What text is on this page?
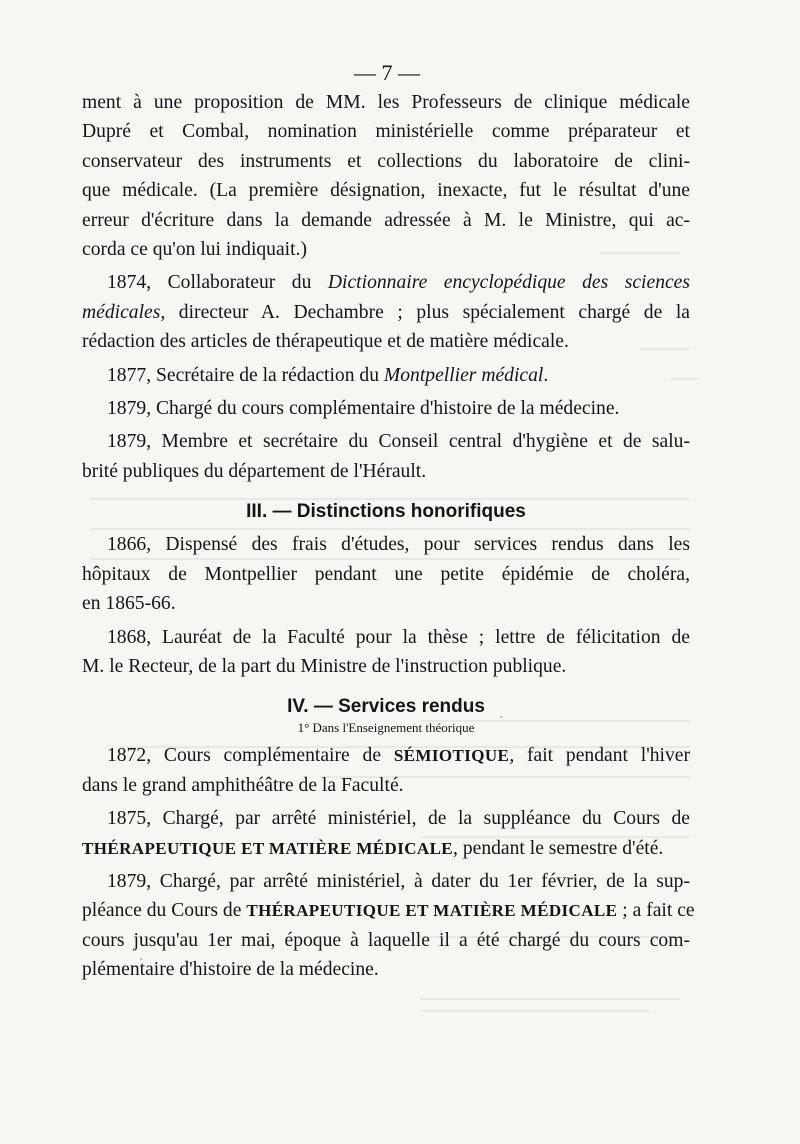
— 7 —

ment à une proposition de MM. les Professeurs de clinique médicale
Dupré et Combal, nomination ministérielle comme préparateur et
conservateur des instruments et collections du laboratoire de clini-
que médicale. (La première désignation, inexacte, fut le résultat d'une
erreur d'écriture dans la demande adressée à M. le Ministre, qui ac-
corda ce qu'on lui indiquait.)

1874, Collaborateur du Dictionnaire encyclopédique des sciences
médicales, directeur A. Dechambre ; plus spécialement chargé de la
rédaction des articles de thérapeutique et de matière médicale.

1877, Secrétaire de la rédaction du Montpellier médical.

1879, Chargé du cours complémentaire d'histoire de la médecine.

1879, Membre et secrétaire du Conseil central d'hygiène et de salu-
brité publiques du département de l'Hérault.

III. — Distinctions honorifiques

1866, Dispensé des frais d'études, pour services rendus dans les
hôpitaux de Montpellier pendant une petite épidémie de choléra,
en 1865-66.

1868, Lauréat de la Faculté pour la thèse ; lettre de félicitation de
M. le Recteur, de la part du Ministre de l'instruction publique.

IV. — Services rendus
1° Dans l'Enseignement théorique

1872, Cours complémentaire de SÉMIOTIQUE, fait pendant l'hiver
dans le grand amphithéâtre de la Faculté.

1875, Chargé, par arrêté ministériel, de la suppléance du Cours de
THÉRAPEUTIQUE ET MATIÈRE MÉDICALE, pendant le semestre d'été.

1879, Chargé, par arrêté ministériel, à dater du 1er février, de la sup-
pléance du Cours de THÉRAPEUTIQUE ET MATIÈRE MÉDICALE ; a fait ce
cours jusqu'au 1er mai, époque à laquelle il a été chargé du cours com-
plémentaire d'histoire de la médecine.
